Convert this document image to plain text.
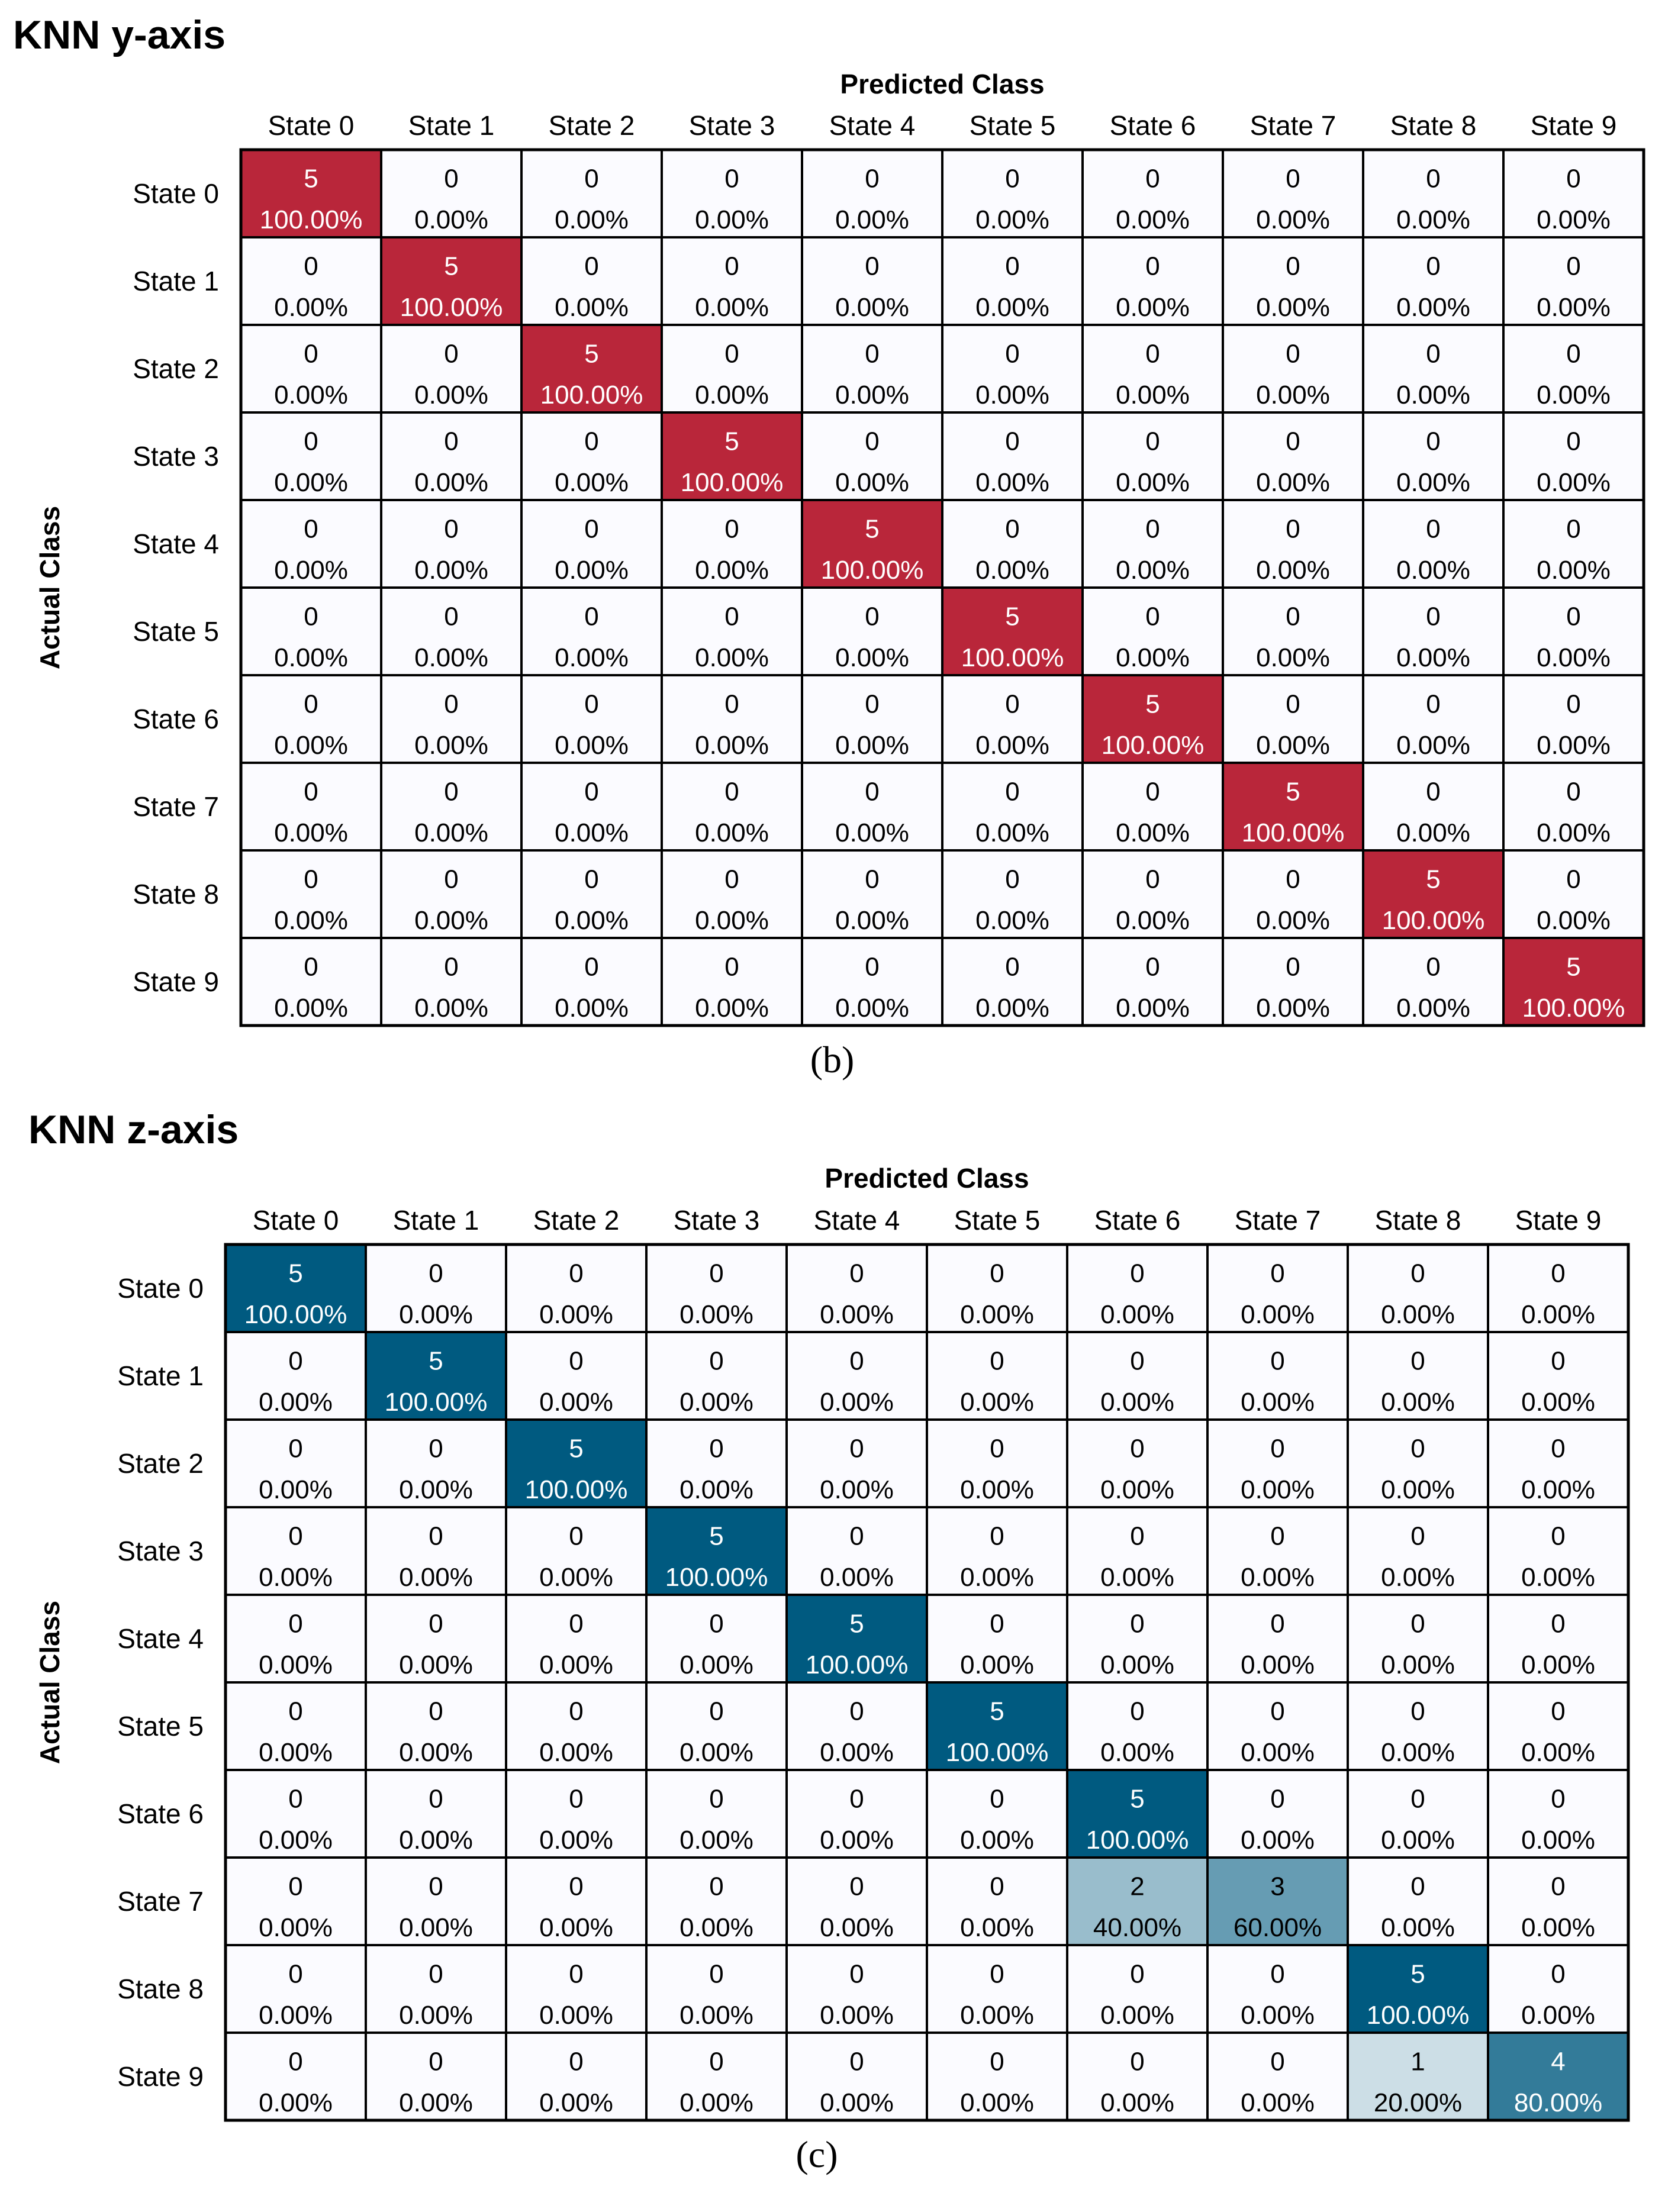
KNN y-axis
Predicted Class
Actual Class
State 0 State 1 State 2 State 3 State 4 State 5 State 6 State 7 State 8 State 9
State 0
State 1
State 2
State 3
State 4
State 5
State 6
State 7
State 8
State 9
5
100.00%
0
0.00%
0
0.00%
0
0.00%
0
0.00%
0
0.00%
0
0.00%
0
0.00%
0
0.00%
0
0.00%
0
0.00%
5
100.00%
0
0.00%
0
0.00%
0
0.00%
0
0.00%
0
0.00%
0
0.00%
0
0.00%
0
0.00%
0
0.00%
0
0.00%
5
100.00%
0
0.00%
0
0.00%
0
0.00%
0
0.00%
0
0.00%
0
0.00%
0
0.00%
0
0.00%
0
0.00%
0
0.00%
5
100.00%
0
0.00%
0
0.00%
0
0.00%
0
0.00%
0
0.00%
0
0.00%
0
0.00%
0
0.00%
0
0.00%
0
0.00%
5
100.00%
0
0.00%
0
0.00%
0
0.00%
0
0.00%
0
0.00%
0
0.00%
0
0.00%
0
0.00%
0
0.00%
0
0.00%
5
100.00%
0
0.00%
0
0.00%
0
0.00%
0
0.00%
0
0.00%
0
0.00%
0
0.00%
0
0.00%
0
0.00%
0
0.00%
5
100.00%
0
0.00%
0
0.00%
0
0.00%
0
0.00%
0
0.00%
0
0.00%
0
0.00%
0
0.00%
0
0.00%
0
0.00%
5
100.00%
0
0.00%
0
0.00%
0
0.00%
0
0.00%
0
0.00%
0
0.00%
0
0.00%
0
0.00%
0
0.00%
0
0.00%
5
100.00%
0
0.00%
0
0.00%
0
0.00%
0
0.00%
0
0.00%
0
0.00%
0
0.00%
0
0.00%
0
0.00%
0
0.00%
5
100.00%
(b)
KNN z-axis
Predicted Class
Actual Class
State 0 State 1 State 2 State 3 State 4 State 5 State 6 State 7 State 8 State 9
State 0
State 1
State 2
State 3
State 4
State 5
State 6
State 7
State 8
State 9
5
100.00%
0
0.00%
0
0.00%
0
0.00%
0
0.00%
0
0.00%
0
0.00%
0
0.00%
0
0.00%
0
0.00%
0
0.00%
5
100.00%
0
0.00%
0
0.00%
0
0.00%
0
0.00%
0
0.00%
0
0.00%
0
0.00%
0
0.00%
0
0.00%
0
0.00%
5
100.00%
0
0.00%
0
0.00%
0
0.00%
0
0.00%
0
0.00%
0
0.00%
0
0.00%
0
0.00%
0
0.00%
0
0.00%
5
100.00%
0
0.00%
0
0.00%
0
0.00%
0
0.00%
0
0.00%
0
0.00%
0
0.00%
0
0.00%
0
0.00%
0
0.00%
5
100.00%
0
0.00%
0
0.00%
0
0.00%
0
0.00%
0
0.00%
0
0.00%
0
0.00%
0
0.00%
0
0.00%
0
0.00%
5
100.00%
0
0.00%
0
0.00%
0
0.00%
0
0.00%
0
0.00%
0
0.00%
0
0.00%
0
0.00%
0
0.00%
0
0.00%
5
100.00%
0
0.00%
0
0.00%
0
0.00%
0
0.00%
0
0.00%
0
0.00%
0
0.00%
0
0.00%
0
0.00%
2
40.00%
3
60.00%
0
0.00%
0
0.00%
0
0.00%
0
0.00%
0
0.00%
0
0.00%
0
0.00%
0
0.00%
0
0.00%
0
0.00%
5
100.00%
0
0.00%
0
0.00%
0
0.00%
0
0.00%
0
0.00%
0
0.00%
0
0.00%
0
0.00%
0
0.00%
1
20.00%
4
80.00%
(c)
